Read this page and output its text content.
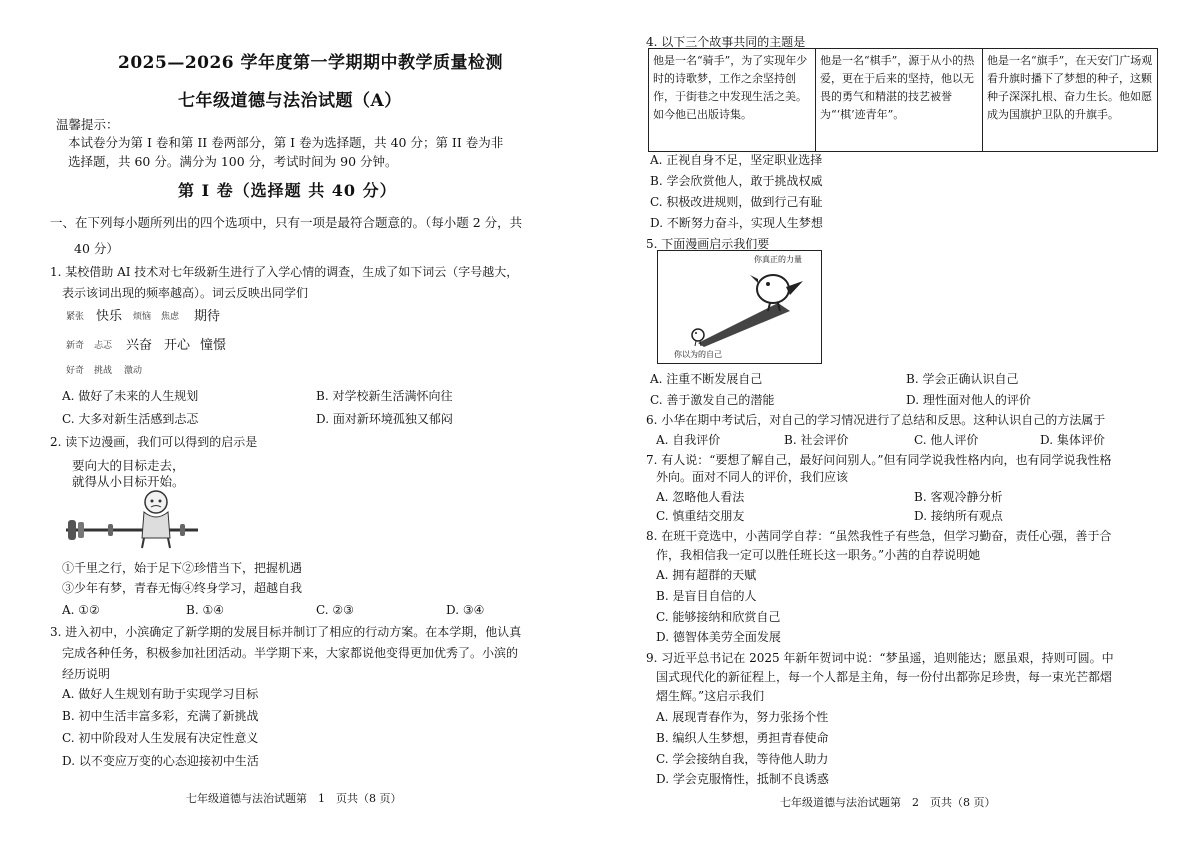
2025—2026 学年度第一学期期中教学质量检测
七年级道德与法治试题（A）
温馨提示：
本试卷分为第 I 卷和第 II 卷两部分，第 I 卷为选择题，共 40 分；第 II 卷为非
选择题，共 60 分。满分为 100 分，考试时间为 90 分钟。
第 I 卷（选择题 共 40 分）
一、在下列每小题所列出的四个选项中，只有一项是最符合题意的。（每小题 2 分，共
40 分）
1. 某校借助 AI 技术对七年级新生进行了入学心情的调查，生成了如下词云（字号越大，
表示该词出现的频率越高）。词云反映出同学们
紧张 快乐 烦恼 焦虑 期待
新奇 忐忑 兴奋 开心 憧憬
好奇 挑战 激动
A. 做好了未来的人生规划	B. 对学校新生活满怀向往
C. 大多对新生活感到忐忑	D. 面对新环境孤独又郁闷
2. 读下边漫画，我们可以得到的启示是
要向大的目标走去，
就得从小目标开始。
①千里之行，始于足下②珍惜当下，把握机遇
③少年有梦，青春无悔④终身学习，超越自我
A. ①②	B. ①④	C. ②③	D. ③④
3. 进入初中，小滨确定了新学期的发展目标并制订了相应的行动方案。在本学期，他认真
完成各种任务，积极参加社团活动。半学期下来，大家都说他变得更加优秀了。小滨的
经历说明
A. 做好人生规划有助于实现学习目标
B. 初中生活丰富多彩，充满了新挑战
C. 初中阶段对人生发展有决定性意义
D. 以不变应万变的心态迎接初中生活
七年级道德与法治试题第　1　页共（8 页）
4. 以下三个故事共同的主题是
他是一名“骑手”，为了实现年少时的诗歌梦，工作之余坚持创作，于街巷之中发现生活之美。如今他已出版诗集。	他是一名“棋手”，源于从小的热爱，更在于后来的坚持，他以无畏的勇气和精湛的技艺被誉为“‘棋’迹青年”。	他是一名“旗手”，在天安门广场观看升旗时播下了梦想的种子，这颗种子深深扎根、奋力生长。他如愿成为国旗护卫队的升旗手。
A. 正视自身不足，坚定职业选择
B. 学会欣赏他人，敢于挑战权威
C. 积极改进规则，做到行己有耻
D. 不断努力奋斗，实现人生梦想
5. 下面漫画启示我们要
你真正的力量
你以为的自己
A. 注重不断发展自己	B. 学会正确认识自己
C. 善于激发自己的潜能	D. 理性面对他人的评价
6. 小华在期中考试后，对自己的学习情况进行了总结和反思。这种认识自己的方法属于
A. 自我评价	B. 社会评价	C. 他人评价	D. 集体评价
7. 有人说：“要想了解自己，最好问问别人。”但有同学说我性格内向，也有同学说我性格
外向。面对不同人的评价，我们应该
A. 忽略他人看法	B. 客观冷静分析
C. 慎重结交朋友	D. 接纳所有观点
8. 在班干竞选中，小茜同学自荐：“虽然我性子有些急，但学习勤奋，责任心强，善于合
作，我相信我一定可以胜任班长这一职务。”小茜的自荐说明她
A. 拥有超群的天赋
B. 是盲目自信的人
C. 能够接纳和欣赏自己
D. 德智体美劳全面发展
9. 习近平总书记在 2025 年新年贺词中说：“梦虽遥，追则能达；愿虽艰，持则可圆。中
国式现代化的新征程上，每一个人都是主角，每一份付出都弥足珍贵，每一束光芒都熠
熠生辉。”这启示我们
A. 展现青春作为，努力张扬个性
B. 编织人生梦想，勇担青春使命
C. 学会接纳自我，等待他人助力
D. 学会克服惰性，抵制不良诱惑
七年级道德与法治试题第　2　页共（8 页）
